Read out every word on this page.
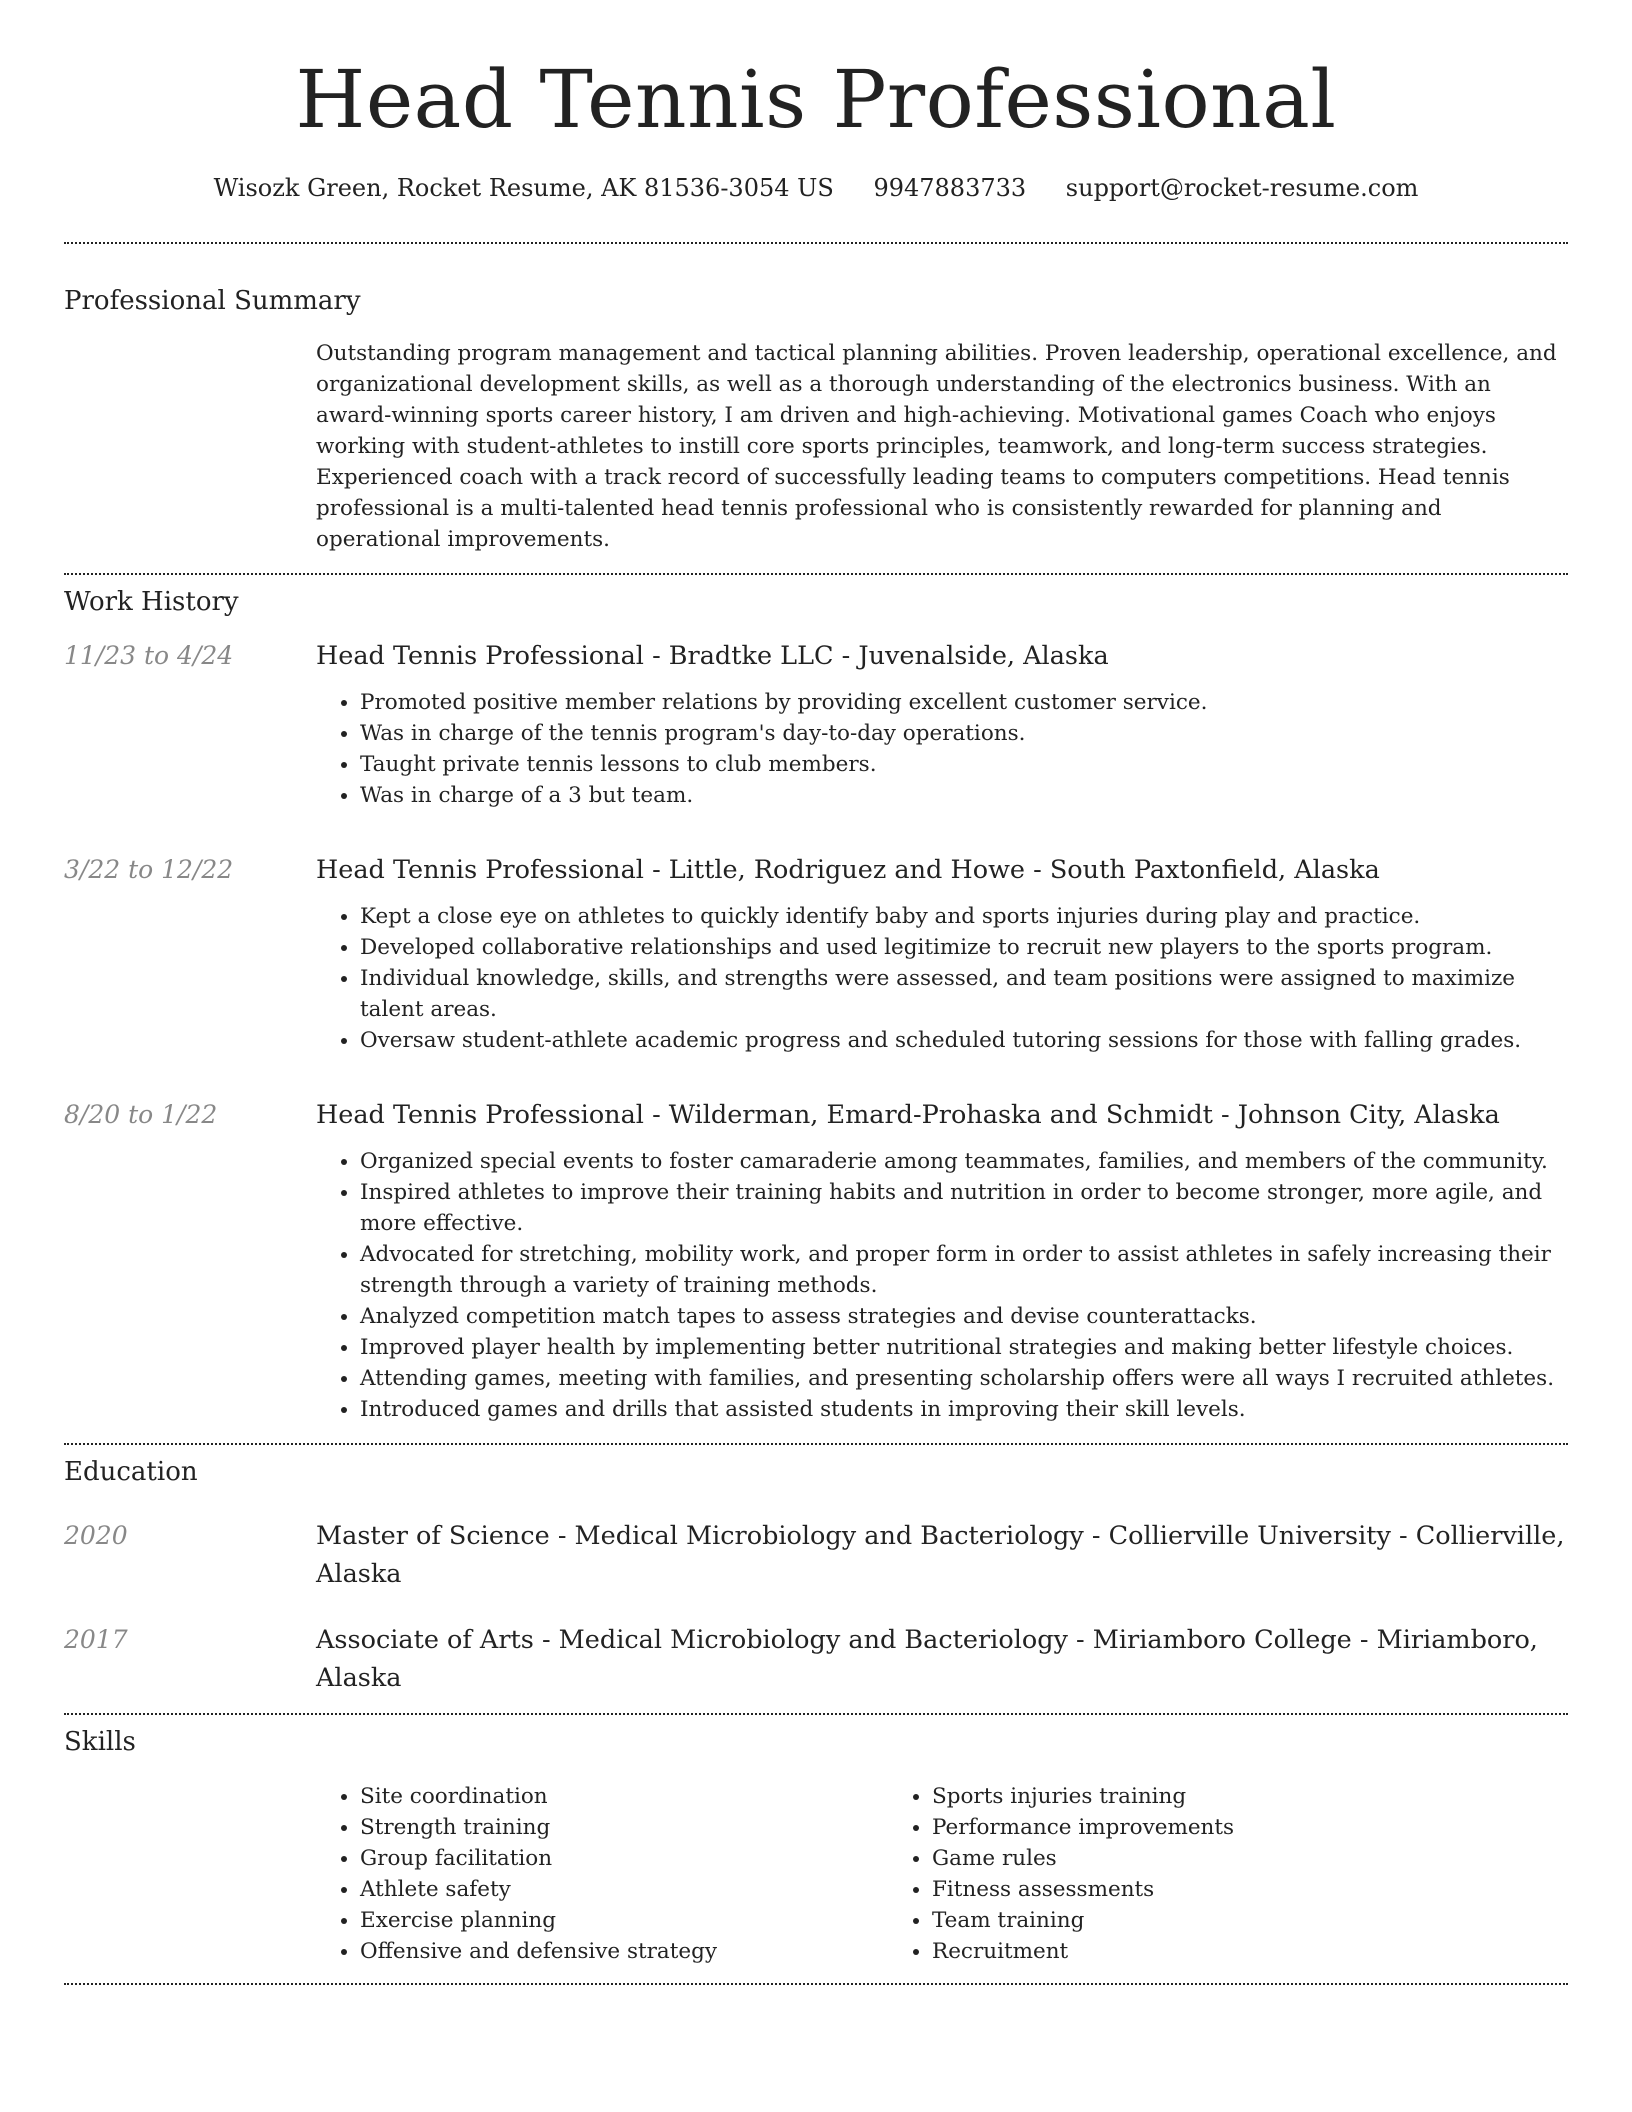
Head Tennis Professional
Wisozk Green, Rocket Resume, AK 81536-3054 US 9947883733 support@rocket-resume.com
Professional Summary

Outstanding program management and tactical planning abilities. Proven leadership, operational excellence, and organizational development skills, as well as a thorough understanding of the electronics business. With an award-winning sports career history, I am driven and high-achieving. Motivational games Coach who enjoys working with student-athletes to instill core sports principles, teamwork, and long-term success strategies. Experienced coach with a track record of successfully leading teams to computers competitions. Head tennis professional is a multi-talented head tennis professional who is consistently rewarded for planning and operational improvements.

Work History
11/23 to 4/24	Head Tennis Professional - Bradtke LLC - Juvenalside, Alaska
• Promoted positive member relations by providing excellent customer service.
• Was in charge of the tennis program's day-to-day operations.
• Taught private tennis lessons to club members.
• Was in charge of a 3 but team.
3/22 to 12/22	Head Tennis Professional - Little, Rodriguez and Howe - South Paxtonfield, Alaska
• Kept a close eye on athletes to quickly identify baby and sports injuries during play and practice.
• Developed collaborative relationships and used legitimize to recruit new players to the sports program.
• Individual knowledge, skills, and strengths were assessed, and team positions were assigned to maximize talent areas.
• Oversaw student-athlete academic progress and scheduled tutoring sessions for those with falling grades.
8/20 to 1/22	Head Tennis Professional - Wilderman, Emard-Prohaska and Schmidt - Johnson City, Alaska
• Organized special events to foster camaraderie among teammates, families, and members of the community.
• Inspired athletes to improve their training habits and nutrition in order to become stronger, more agile, and more effective.
• Advocated for stretching, mobility work, and proper form in order to assist athletes in safely increasing their strength through a variety of training methods.
• Analyzed competition match tapes to assess strategies and devise counterattacks.
• Improved player health by implementing better nutritional strategies and making better lifestyle choices.
• Attending games, meeting with families, and presenting scholarship offers were all ways I recruited athletes.
• Introduced games and drills that assisted students in improving their skill levels.
Education
2020	Master of Science - Medical Microbiology and Bacteriology - Collierville University - Collierville, Alaska
2017	Associate of Arts - Medical Microbiology and Bacteriology - Miriamboro College - Miriamboro, Alaska
Skills
• Site coordination
• Strength training
• Group facilitation
• Athlete safety
• Exercise planning
• Offensive and defensive strategy
• Sports injuries training
• Performance improvements
• Game rules
• Fitness assessments
• Team training
• Recruitment
